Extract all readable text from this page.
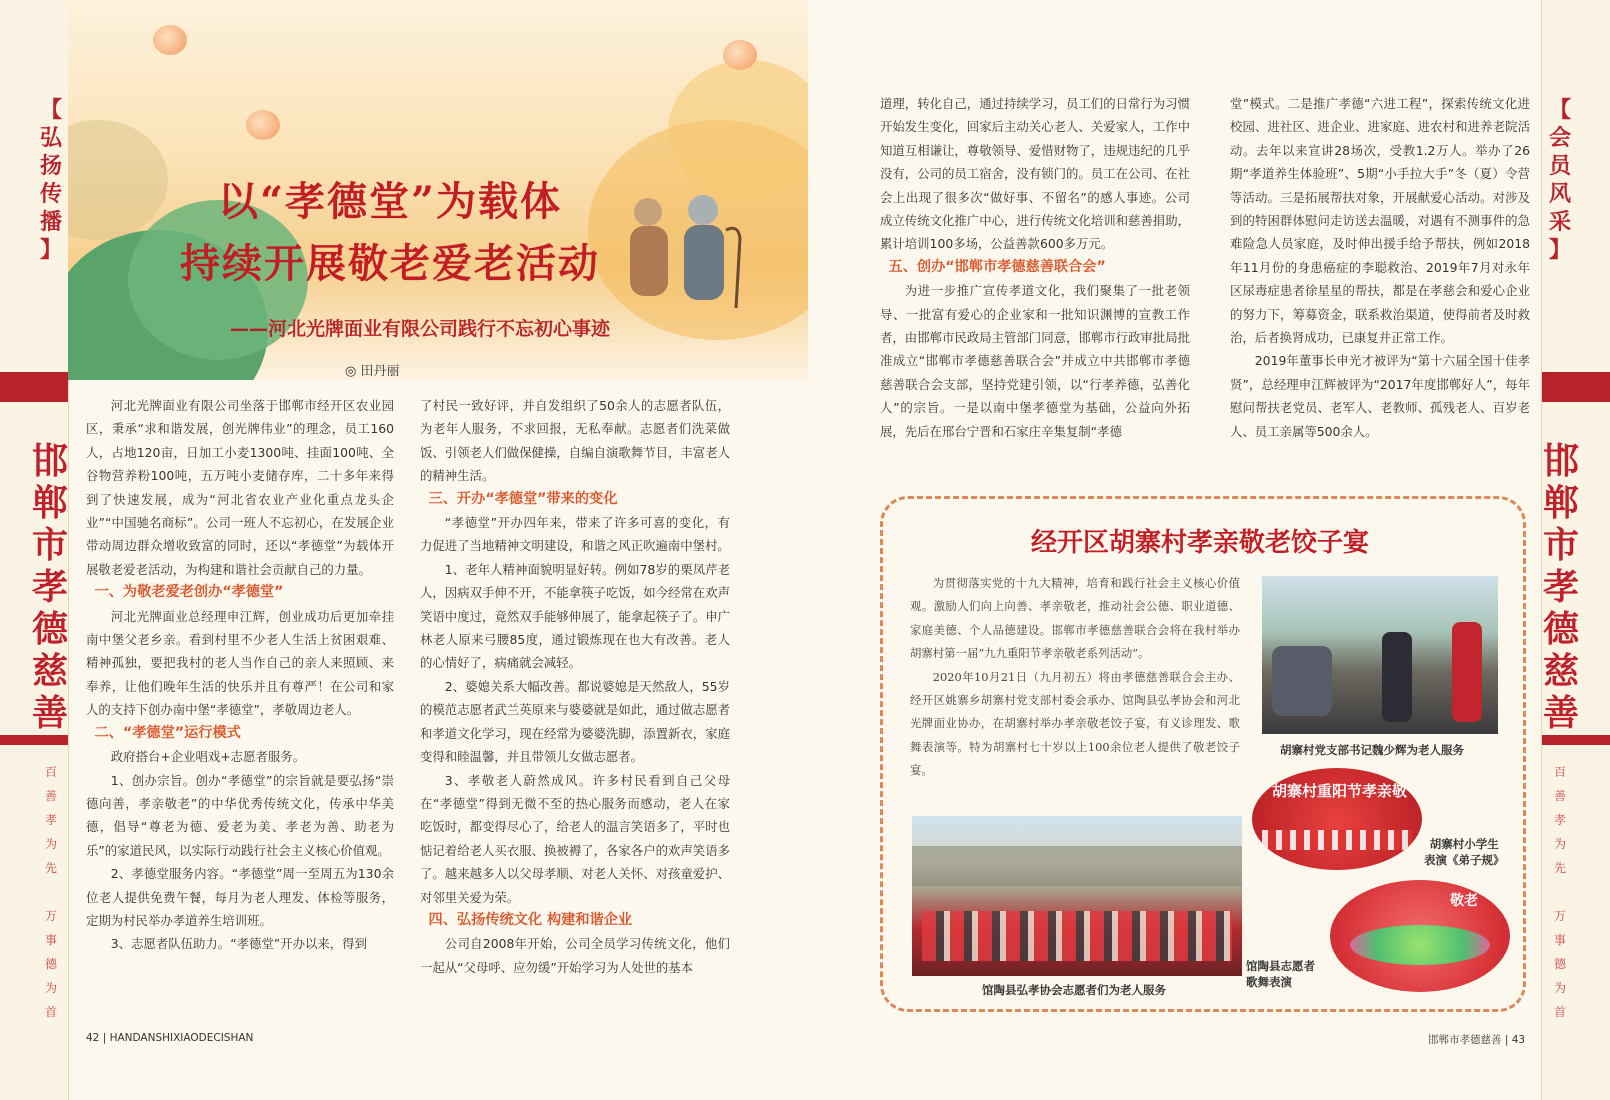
【
弘
扬
传
播
】
邯
郸
市
孝
德
慈
善
百
善
孝
为
先

万
事
德
为
首
【
会
员
风
采
】
邯
郸
市
孝
德
慈
善
百
善
孝
为
先

万
事
德
为
首
以“孝德堂”为载体
持续开展敬老爱老活动
——河北光牌面业有限公司践行不忘初心事迹
◎ 田丹丽

河北光牌面业有限公司坐落于邯郸市经开区农业园区，秉承“求和谐发展，创光牌伟业”的理念，员工160人，占地120亩，日加工小麦1300吨、挂面100吨、全谷物营养粉100吨，五万吨小麦储存库，二十多年来得到了快速发展，成为“河北省农业产业化重点龙头企业”“中国驰名商标”。公司一班人不忘初心，在发展企业带动周边群众增收致富的同时，还以“孝德堂”为载体开展敬老爱老活动，为构建和谐社会贡献自己的力量。

一、为敬老爱老创办“孝德堂”

河北光牌面业总经理申江辉，创业成功后更加牵挂南中堡父老乡亲。看到村里不少老人生活上贫困艰难、精神孤独，要把我村的老人当作自己的亲人来照顾、来奉养，让他们晚年生活的快乐并且有尊严！在公司和家人的支持下创办南中堡“孝德堂”，孝敬周边老人。

二、“孝德堂”运行模式

政府搭台+企业唱戏+志愿者服务。

1、创办宗旨。创办“孝德堂”的宗旨就是要弘扬“崇德向善，孝亲敬老”的中华优秀传统文化，传承中华美德，倡导“尊老为德、爱老为美、孝老为善、助老为乐”的家道民风，以实际行动践行社会主义核心价值观。

2、孝德堂服务内容。“孝德堂”周一至周五为130余位老人提供免费午餐，每月为老人理发、体检等服务，定期为村民举办孝道养生培训班。

3、志愿者队伍助力。“孝德堂”开办以来，得到

了村民一致好评，并自发组织了50余人的志愿者队伍，为老年人服务，不求回报，无私奉献。志愿者们洗菜做饭、引领老人们做保健操，自编自演歌舞节目，丰富老人的精神生活。

三、开办“孝德堂”带来的变化

“孝德堂”开办四年来，带来了许多可喜的变化，有力促进了当地精神文明建设，和谐之风正吹遍南中堡村。

1、老年人精神面貌明显好转。例如78岁的栗凤芹老人，因病双手伸不开，不能拿筷子吃饭，如今经常在欢声笑语中度过，竟然双手能够伸展了，能拿起筷子了。申广林老人原来弓腰85度，通过锻炼现在也大有改善。老人的心情好了，病痛就会减轻。

2、婆媳关系大幅改善。都说婆媳是天然敌人，55岁的模范志愿者武兰英原来与婆婆就是如此，通过做志愿者和孝道文化学习，现在经常为婆婆洗脚，添置新衣，家庭变得和睦温馨，并且带领儿女做志愿者。

3、孝敬老人蔚然成风。许多村民看到自己父母在“孝德堂”得到无微不至的热心服务而感动，老人在家吃饭时，都变得尽心了，给老人的温言笑语多了，平时也惦记着给老人买衣服、换被褥了，各家各户的欢声笑语多了。越来越多人以父母孝顺、对老人关怀、对孩童爱护、对邻里关爱为荣。

四、弘扬传统文化 构建和谐企业

公司自2008年开始，公司全员学习传统文化，他们一起从“父母呼、应勿缓”开始学习为人处世的基本

道理，转化自己，通过持续学习，员工们的日常行为习惯开始发生变化，回家后主动关心老人、关爱家人，工作中知道互相谦让，尊敬领导、爱惜财物了，违规违纪的几乎没有，公司的员工宿舍，没有锁门的。员工在公司、在社会上出现了很多次“做好事、不留名”的感人事迹。公司成立传统文化推广中心，进行传统文化培训和慈善捐助，累计培训100多场，公益善款600多万元。

五、创办“邯郸市孝德慈善联合会”

为进一步推广宣传孝道文化，我们聚集了一批老领导、一批富有爱心的企业家和一批知识渊博的宣教工作者，由邯郸市民政局主管部门同意，邯郸市行政审批局批准成立“邯郸市孝德慈善联合会”并成立中共邯郸市孝德慈善联合会支部，坚持党建引领，以“行孝养德，弘善化人”的宗旨。一是以南中堡孝德堂为基础，公益向外拓展，先后在邢台宁晋和石家庄辛集复制“孝德

堂”模式。二是推广孝德“六进工程”，探索传统文化进校园、进社区、进企业、进家庭、进农村和进养老院活动。去年以来宣讲28场次，受教1.2万人。举办了26期“孝道养生体验班”、5期“小手拉大手”冬（夏）令营等活动。三是拓展帮扶对象，开展献爱心活动。对涉及到的特困群体慰问走访送去温暖，对遇有不测事件的急难险急人员家庭，及时伸出援手给予帮扶，例如2018年11月份的身患癌症的李聪救治、2019年7月对永年区尿毒症患者徐星星的帮扶，都是在孝慈会和爱心企业的努力下，筹募资金，联系救治渠道，使得前者及时救治，后者换肾成功，已康复并正常工作。

2019年董事长申光才被评为“第十六届全国十佳孝贤”，总经理申江辉被评为“2017年度邯郸好人”，每年慰问帮扶老党员、老军人、老教师、孤残老人、百岁老人、员工亲属等500余人。

经开区胡寨村孝亲敬老饺子宴

为贯彻落实党的十九大精神，培育和践行社会主义核心价值观。激励人们向上向善、孝亲敬老，推动社会公德、职业道德、家庭美德、个人品德建设。邯郸市孝德慈善联合会将在我村举办胡寨村第一届“九九重阳节孝亲敬老系列活动”。

2020年10月21日（九月初五）将由孝德慈善联合会主办、经开区姚寨乡胡寨村党支部村委会承办、馆陶县弘孝协会和河北光牌面业协办，在胡寨村举办孝亲敬老饺子宴，有义诊理发、歌舞表演等。特为胡寨村七十岁以上100余位老人提供了敬老饺子宴。

胡寨村党支部书记魏少辉为老人服务
胡寨村重阳节孝亲敬
胡寨村小学生
表演《弟子规》
馆陶县弘孝协会志愿者们为老人服务
敬老
馆陶县志愿者
歌舞表演
42 | HANDANSHIXIAODECISHAN	邯郸市孝德慈善 | 43
